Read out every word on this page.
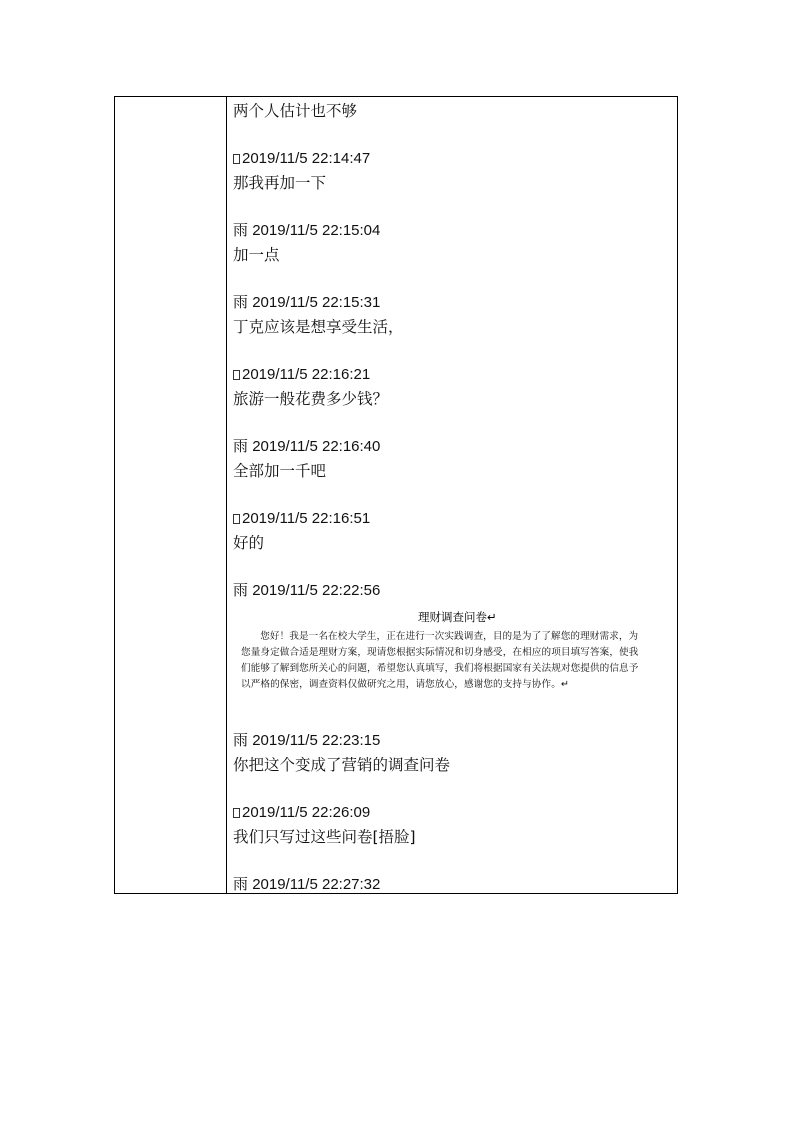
两个人估计也不够
2019/11/5 22:14:47
那我再加一下
雨 2019/11/5 22:15:04
加一点
雨 2019/11/5 22:15:31
丁克应该是想享受生活，
2019/11/5 22:16:21
旅游一般花费多少钱？
雨 2019/11/5 22:16:40
全部加一千吧
2019/11/5 22:16:51
好的
雨 2019/11/5 22:22:56
理财调查问卷↵
您好！我是一名在校大学生，正在进行一次实践调查，目的是为了了解您的理财需求，为您量身定做合适是理财方案，现请您根据实际情况和切身感受，在相应的项目填写答案，使我们能够了解到您所关心的问题，希望您认真填写，我们将根据国家有关法规对您提供的信息予以严格的保密，调查资料仅做研究之用，请您放心，感谢您的支持与协作。↵
雨 2019/11/5 22:23:15
你把这个变成了营销的调查问卷
2019/11/5 22:26:09
我们只写过这些问卷[捂脸]
雨 2019/11/5 22:27:32
